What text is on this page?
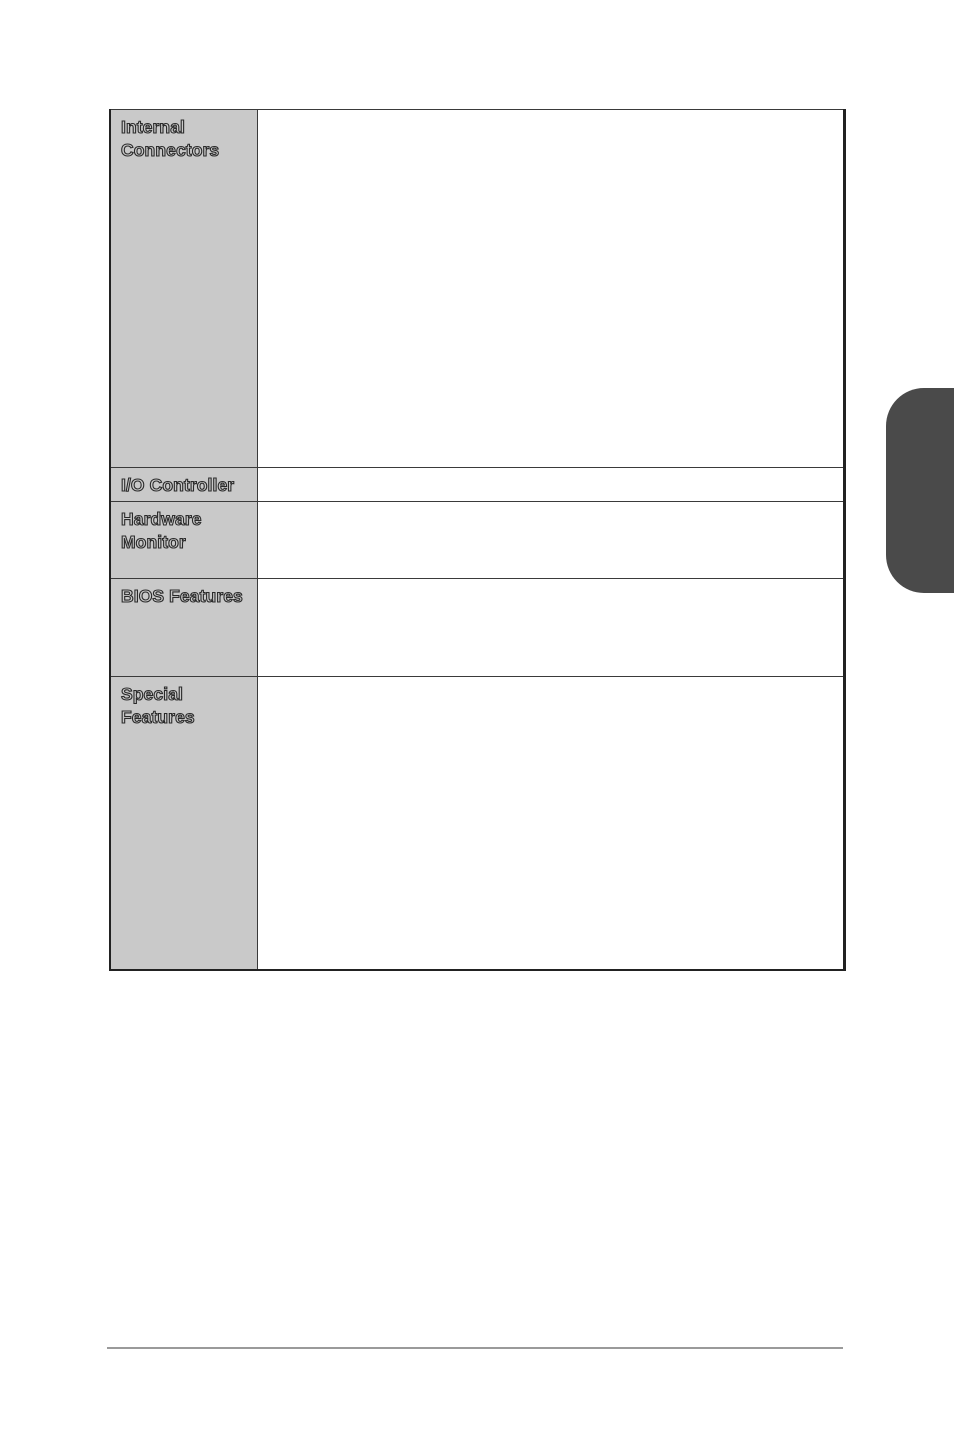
Internal
Connectors	

I/O Controller	

Hardware
Monitor	

BIOS Features	

Special
Features	
